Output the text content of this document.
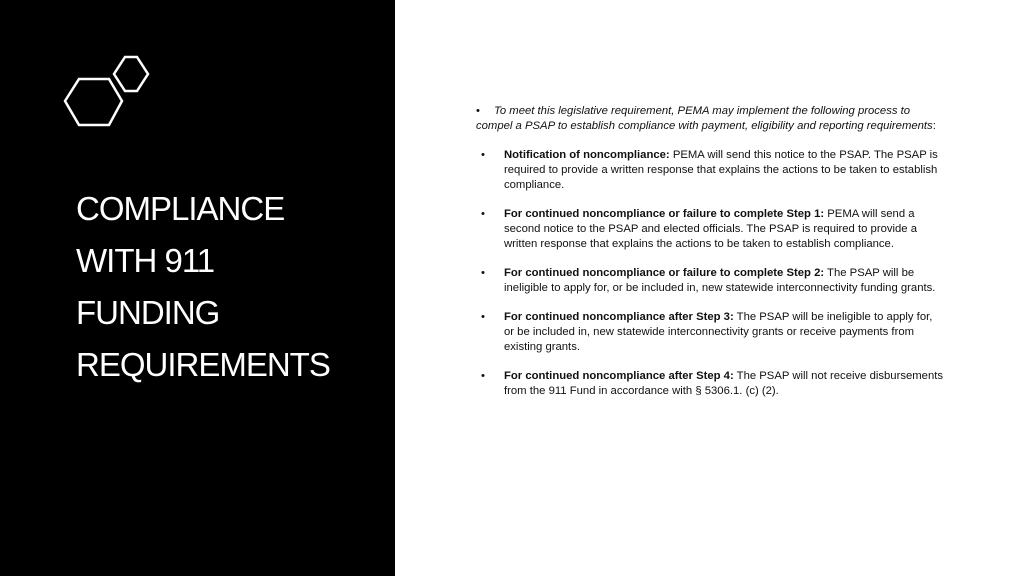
COMPLIANCE
WITH 911
FUNDING
REQUIREMENTS

• To meet this legislative requirement, PEMA may implement the following process to compel a PSAP to establish compliance with payment, eligibility and reporting requirements:

• Notification of noncompliance: PEMA will send this notice to the PSAP. The PSAP is required to provide a written response that explains the actions to be taken to establish compliance.
• For continued noncompliance or failure to complete Step 1: PEMA will send a second notice to the PSAP and elected officials. The PSAP is required to provide a written response that explains the actions to be taken to establish compliance.
• For continued noncompliance or failure to complete Step 2: The PSAP will be ineligible to apply for, or be included in, new statewide interconnectivity funding grants.
• For continued noncompliance after Step 3: The PSAP will be ineligible to apply for, or be included in, new statewide interconnectivity grants or receive payments from existing grants.
• For continued noncompliance after Step 4: The PSAP will not receive disbursements from the 911 Fund in accordance with § 5306.1. (c) (2).
